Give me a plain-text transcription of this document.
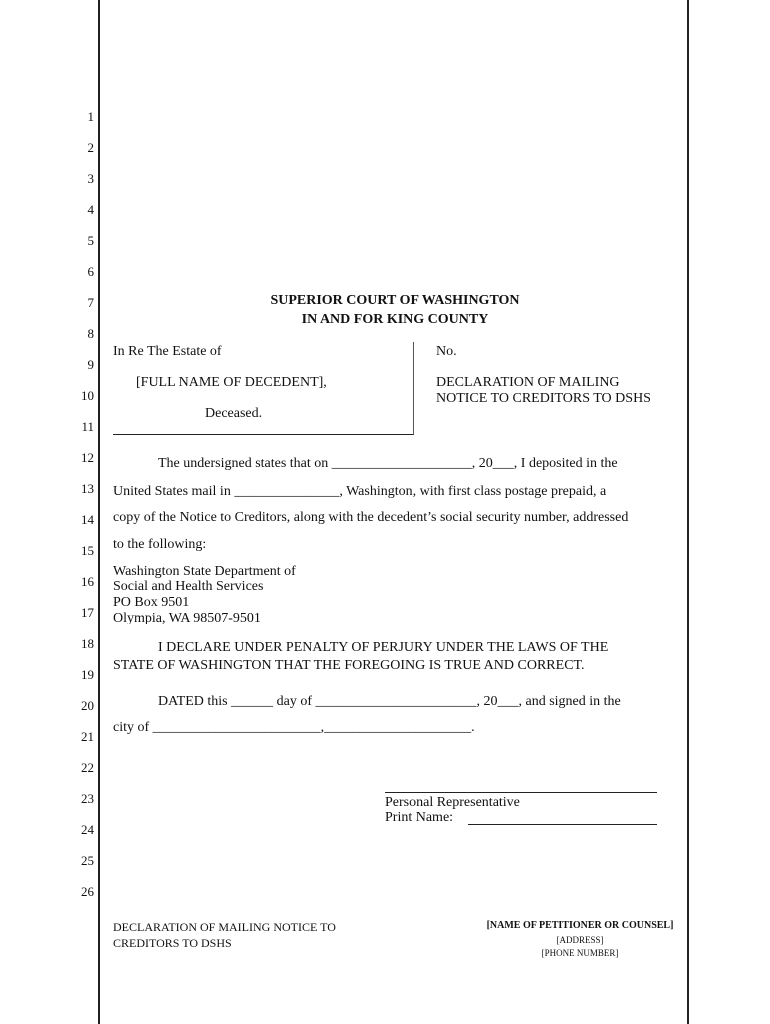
1
2
3
4
5
6
7
8
9
10
11
12
13
14
15
16
17
18
19
20
21
22
23
24
25
26
SUPERIOR COURT OF WASHINGTON
IN AND FOR KING COUNTY
In Re The Estate of
[FULL NAME OF DECEDENT],
Deceased.
No.
DECLARATION OF MAILING
NOTICE TO CREDITORS TO DSHS
The undersigned states that on ____________________, 20___, I deposited in the
United States mail in _______________, Washington, with first class postage prepaid, a
copy of the Notice to Creditors, along with the decedent’s social security number, addressed
to the following:
Washington State Department of
Social and Health Services
PO Box 9501
Olympia, WA 98507-9501
I DECLARE UNDER PENALTY OF PERJURY UNDER THE LAWS OF THE
STATE OF WASHINGTON THAT THE FOREGOING IS TRUE AND CORRECT.
DATED this ______ day of _______________________, 20___, and signed in the
city of ________________________,_____________________.
Personal Representative
Print Name:
DECLARATION OF MAILING NOTICE TO
CREDITORS TO DSHS
[NAME OF PETITIONER OR COUNSEL]
[ADDRESS]
[PHONE NUMBER]
